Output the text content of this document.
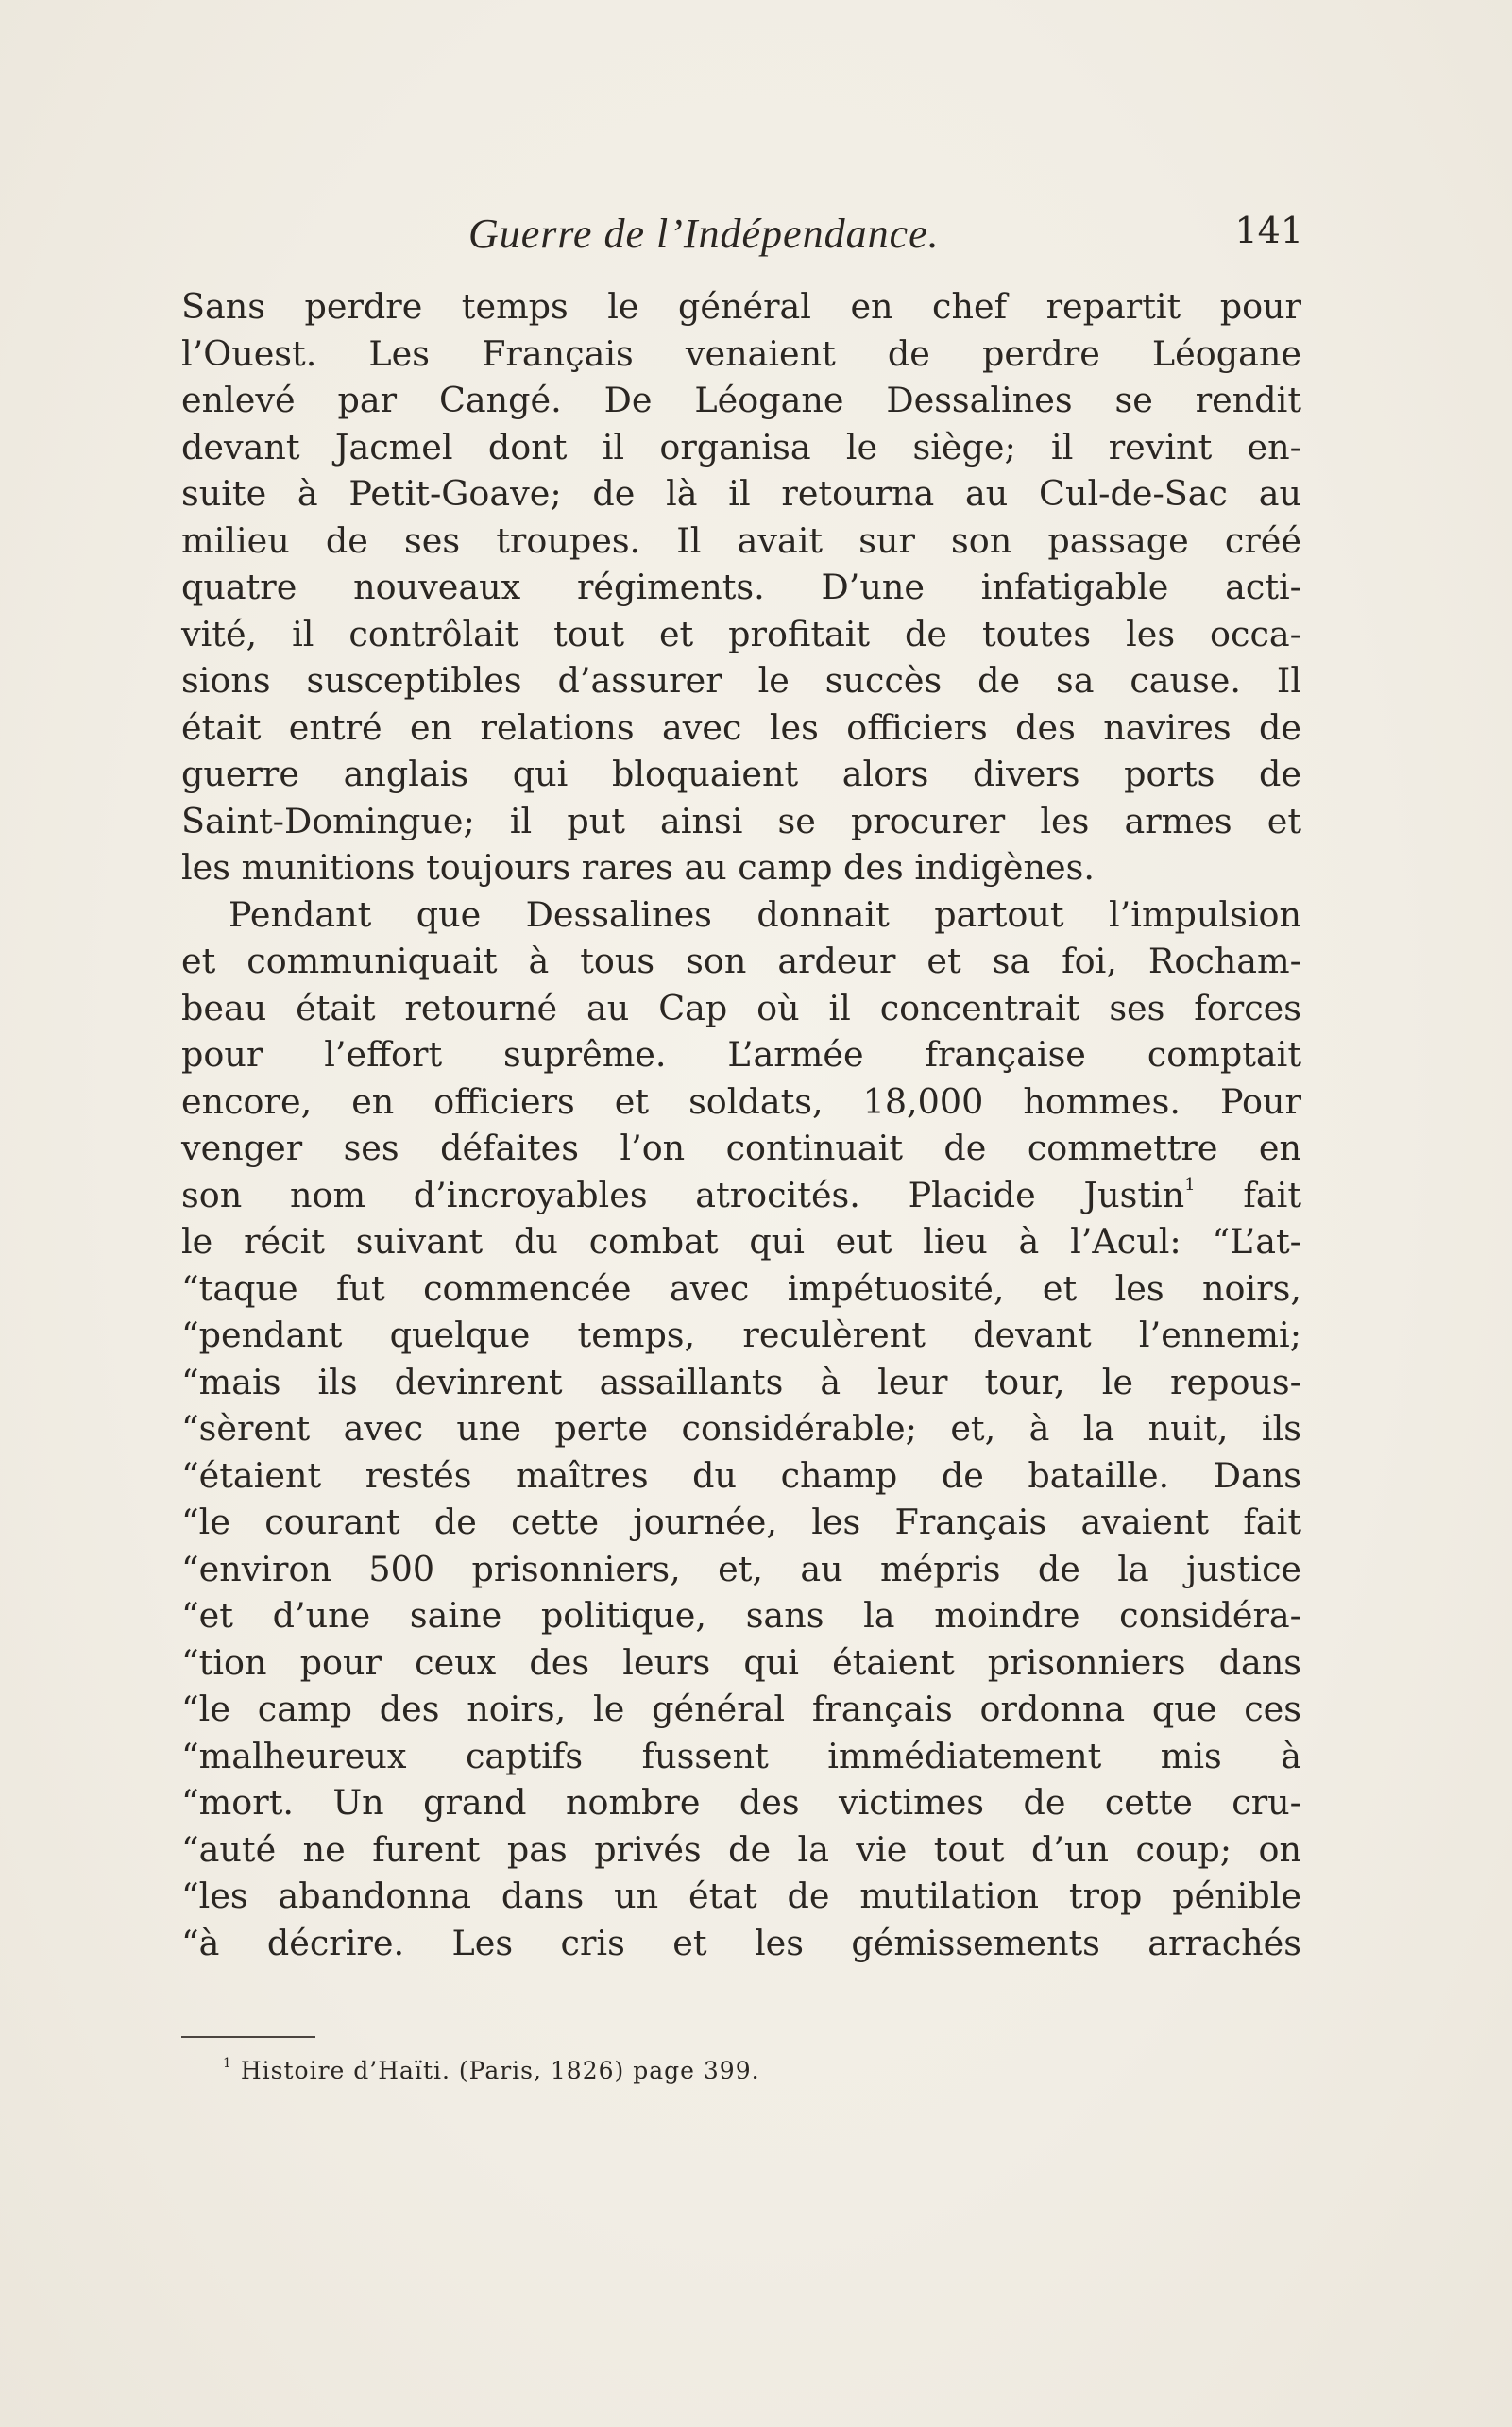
Guerre de l’Indépendance.	141
Sans perdre temps le général en chef repartit pour
l’Ouest. Les Français venaient de perdre Léogane
enlevé par Cangé. De Léogane Dessalines se rendit
devant Jacmel dont il organisa le siège; il revint en-
suite à Petit-Goave; de là il retourna au Cul-de-Sac au
milieu de ses troupes. Il avait sur son passage créé
quatre nouveaux régiments. D’une infatigable acti-
vité, il contrôlait tout et profitait de toutes les occa-
sions susceptibles d’assurer le succès de sa cause. Il
était entré en relations avec les officiers des navires de
guerre anglais qui bloquaient alors divers ports de
Saint-Domingue; il put ainsi se procurer les armes et
les munitions toujours rares au camp des indigènes.
Pendant que Dessalines donnait partout l’impulsion
et communiquait à tous son ardeur et sa foi, Rocham-
beau était retourné au Cap où il concentrait ses forces
pour l’effort suprême. L’armée française comptait
encore, en officiers et soldats, 18,000 hommes. Pour
venger ses défaites l’on continuait de commettre en
son nom d’incroyables atrocités. Placide Justin$^1$ fait
le récit suivant du combat qui eut lieu à l’Acul: “L’at-
“taque fut commencée avec impétuosité, et les noirs,
“pendant quelque temps, reculèrent devant l’ennemi;
“mais ils devinrent assaillants à leur tour, le repous-
“sèrent avec une perte considérable; et, à la nuit, ils
“étaient restés maîtres du champ de bataille. Dans
“le courant de cette journée, les Français avaient fait
“environ 500 prisonniers, et, au mépris de la justice
“et d’une saine politique, sans la moindre considéra-
“tion pour ceux des leurs qui étaient prisonniers dans
“le camp des noirs, le général français ordonna que ces
“malheureux captifs fussent immédiatement mis à
“mort. Un grand nombre des victimes de cette cru-
“auté ne furent pas privés de la vie tout d’un coup; on
“les abandonna dans un état de mutilation trop pénible
“à décrire. Les cris et les gémissements arrachés
$^1$ Histoire d’Haïti. (Paris, 1826) page 399.
